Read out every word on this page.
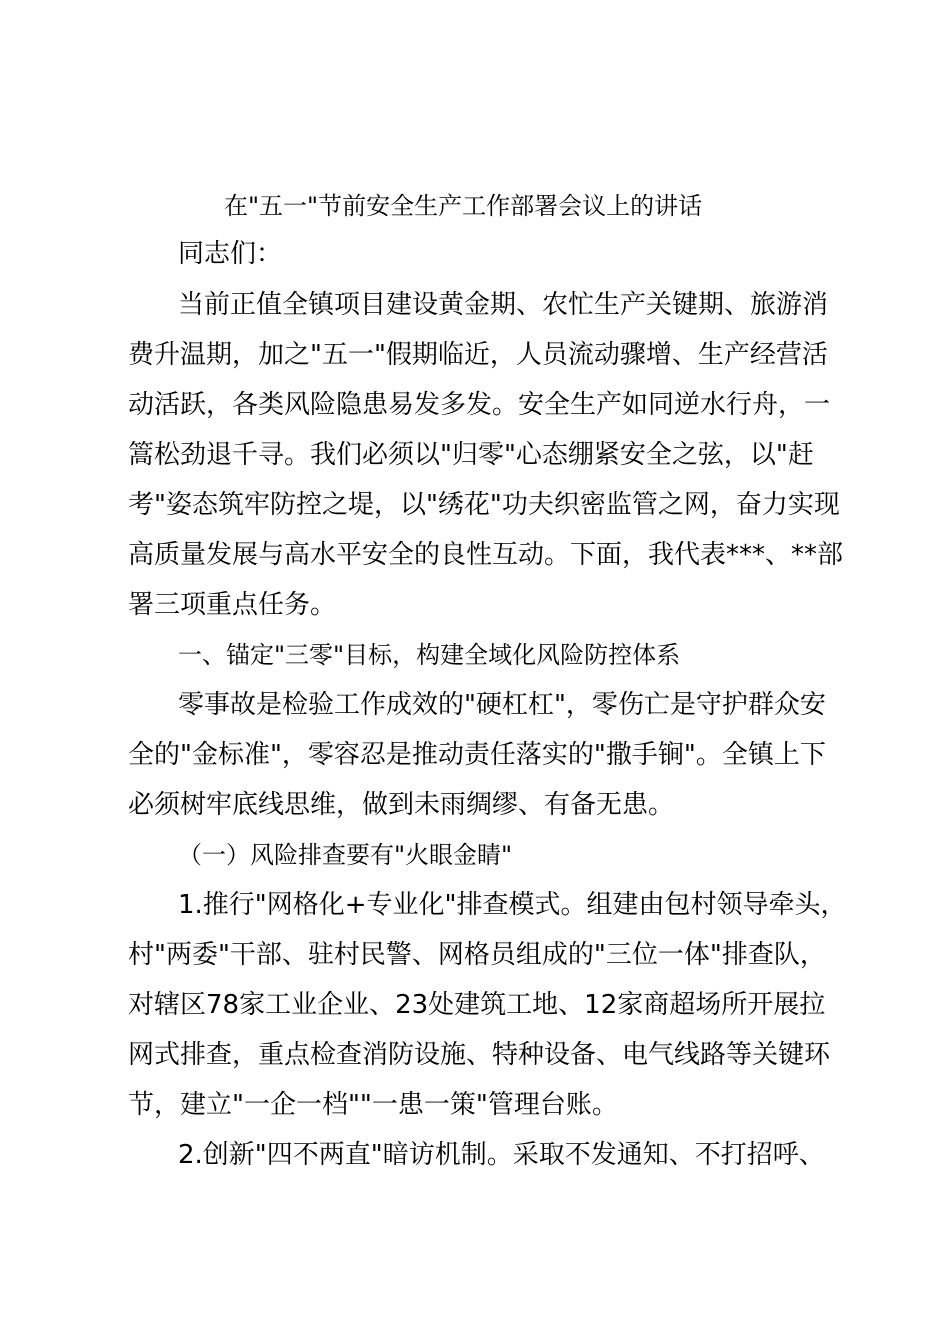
在"五一"节前安全生产工作部署会议上的讲话
同志们：
当前正值全镇项目建设黄金期、农忙生产关键期、旅游消
费升温期，加之"五一"假期临近，人员流动骤增、生产经营活
动活跃，各类风险隐患易发多发。安全生产如同逆水行舟，一
篙松劲退千寻。我们必须以"归零"心态绷紧安全之弦，以"赶
考"姿态筑牢防控之堤，以"绣花"功夫织密监管之网，奋力实现
高质量发展与高水平安全的良性互动。下面，我代表***、**部
署三项重点任务。
一、锚定"三零"目标，构建全域化风险防控体系
零事故是检验工作成效的"硬杠杠"，零伤亡是守护群众安
全的"金标准"，零容忍是推动责任落实的"撒手锏"。全镇上下
必须树牢底线思维，做到未雨绸缪、有备无患。
（一）风险排查要有"火眼金睛"
1.推行"网格化+专业化"排查模式。组建由包村领导牵头，
村"两委"干部、驻村民警、网格员组成的"三位一体"排查队，
对辖区78家工业企业、23处建筑工地、12家商超场所开展拉
网式排查，重点检查消防设施、特种设备、电气线路等关键环
节，建立"一企一档""一患一策"管理台账。
2.创新"四不两直"暗访机制。采取不发通知、不打招呼、
